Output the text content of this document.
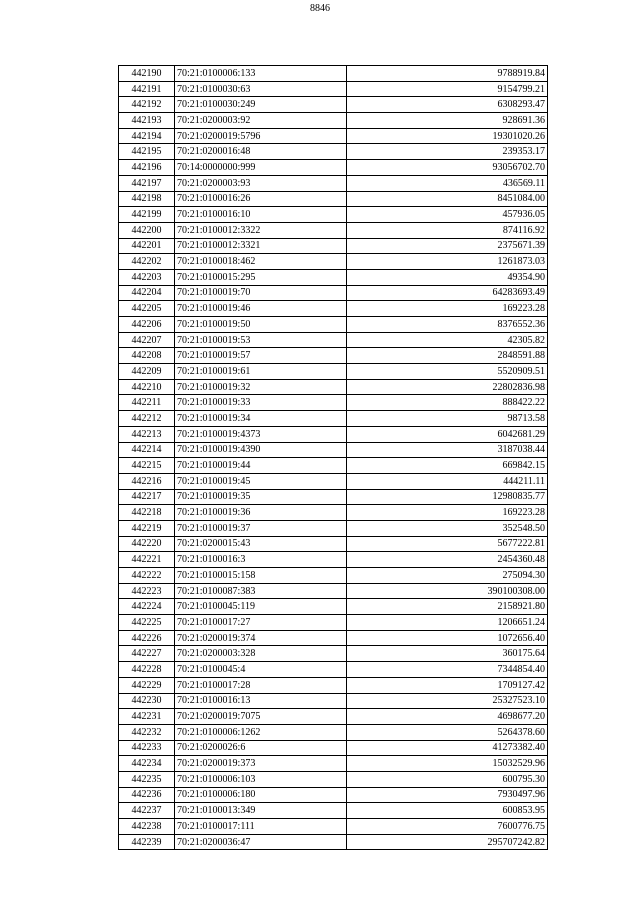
8846
442190	70:21:0100006:133	9788919.84
442191	70:21:0100030:63	9154799.21
442192	70:21:0100030:249	6308293.47
442193	70:21:0200003:92	928691.36
442194	70:21:0200019:5796	19301020.26
442195	70:21:0200016:48	239353.17
442196	70:14:0000000:999	93056702.70
442197	70:21:0200003:93	436569.11
442198	70:21:0100016:26	8451084.00
442199	70:21:0100016:10	457936.05
442200	70:21:0100012:3322	874116.92
442201	70:21:0100012:3321	2375671.39
442202	70:21:0100018:462	1261873.03
442203	70:21:0100015:295	49354.90
442204	70:21:0100019:70	64283693.49
442205	70:21:0100019:46	169223.28
442206	70:21:0100019:50	8376552.36
442207	70:21:0100019:53	42305.82
442208	70:21:0100019:57	2848591.88
442209	70:21:0100019:61	5520909.51
442210	70:21:0100019:32	22802836.98
442211	70:21:0100019:33	888422.22
442212	70:21:0100019:34	98713.58
442213	70:21:0100019:4373	6042681.29
442214	70:21:0100019:4390	3187038.44
442215	70:21:0100019:44	669842.15
442216	70:21:0100019:45	444211.11
442217	70:21:0100019:35	12980835.77
442218	70:21:0100019:36	169223.28
442219	70:21:0100019:37	352548.50
442220	70:21:0200015:43	5677222.81
442221	70:21:0100016:3	2454360.48
442222	70:21:0100015:158	275094.30
442223	70:21:0100087:383	390100308.00
442224	70:21:0100045:119	2158921.80
442225	70:21:0100017:27	1206651.24
442226	70:21:0200019:374	1072656.40
442227	70:21:0200003:328	360175.64
442228	70:21:0100045:4	7344854.40
442229	70:21:0100017:28	1709127.42
442230	70:21:0100016:13	25327523.10
442231	70:21:0200019:7075	4698677.20
442232	70:21:0100006:1262	5264378.60
442233	70:21:0200026:6	41273382.40
442234	70:21:0200019:373	15032529.96
442235	70:21:0100006:103	600795.30
442236	70:21:0100006:180	7930497.96
442237	70:21:0100013:349	600853.95
442238	70:21:0100017:111	7600776.75
442239	70:21:0200036:47	295707242.82
